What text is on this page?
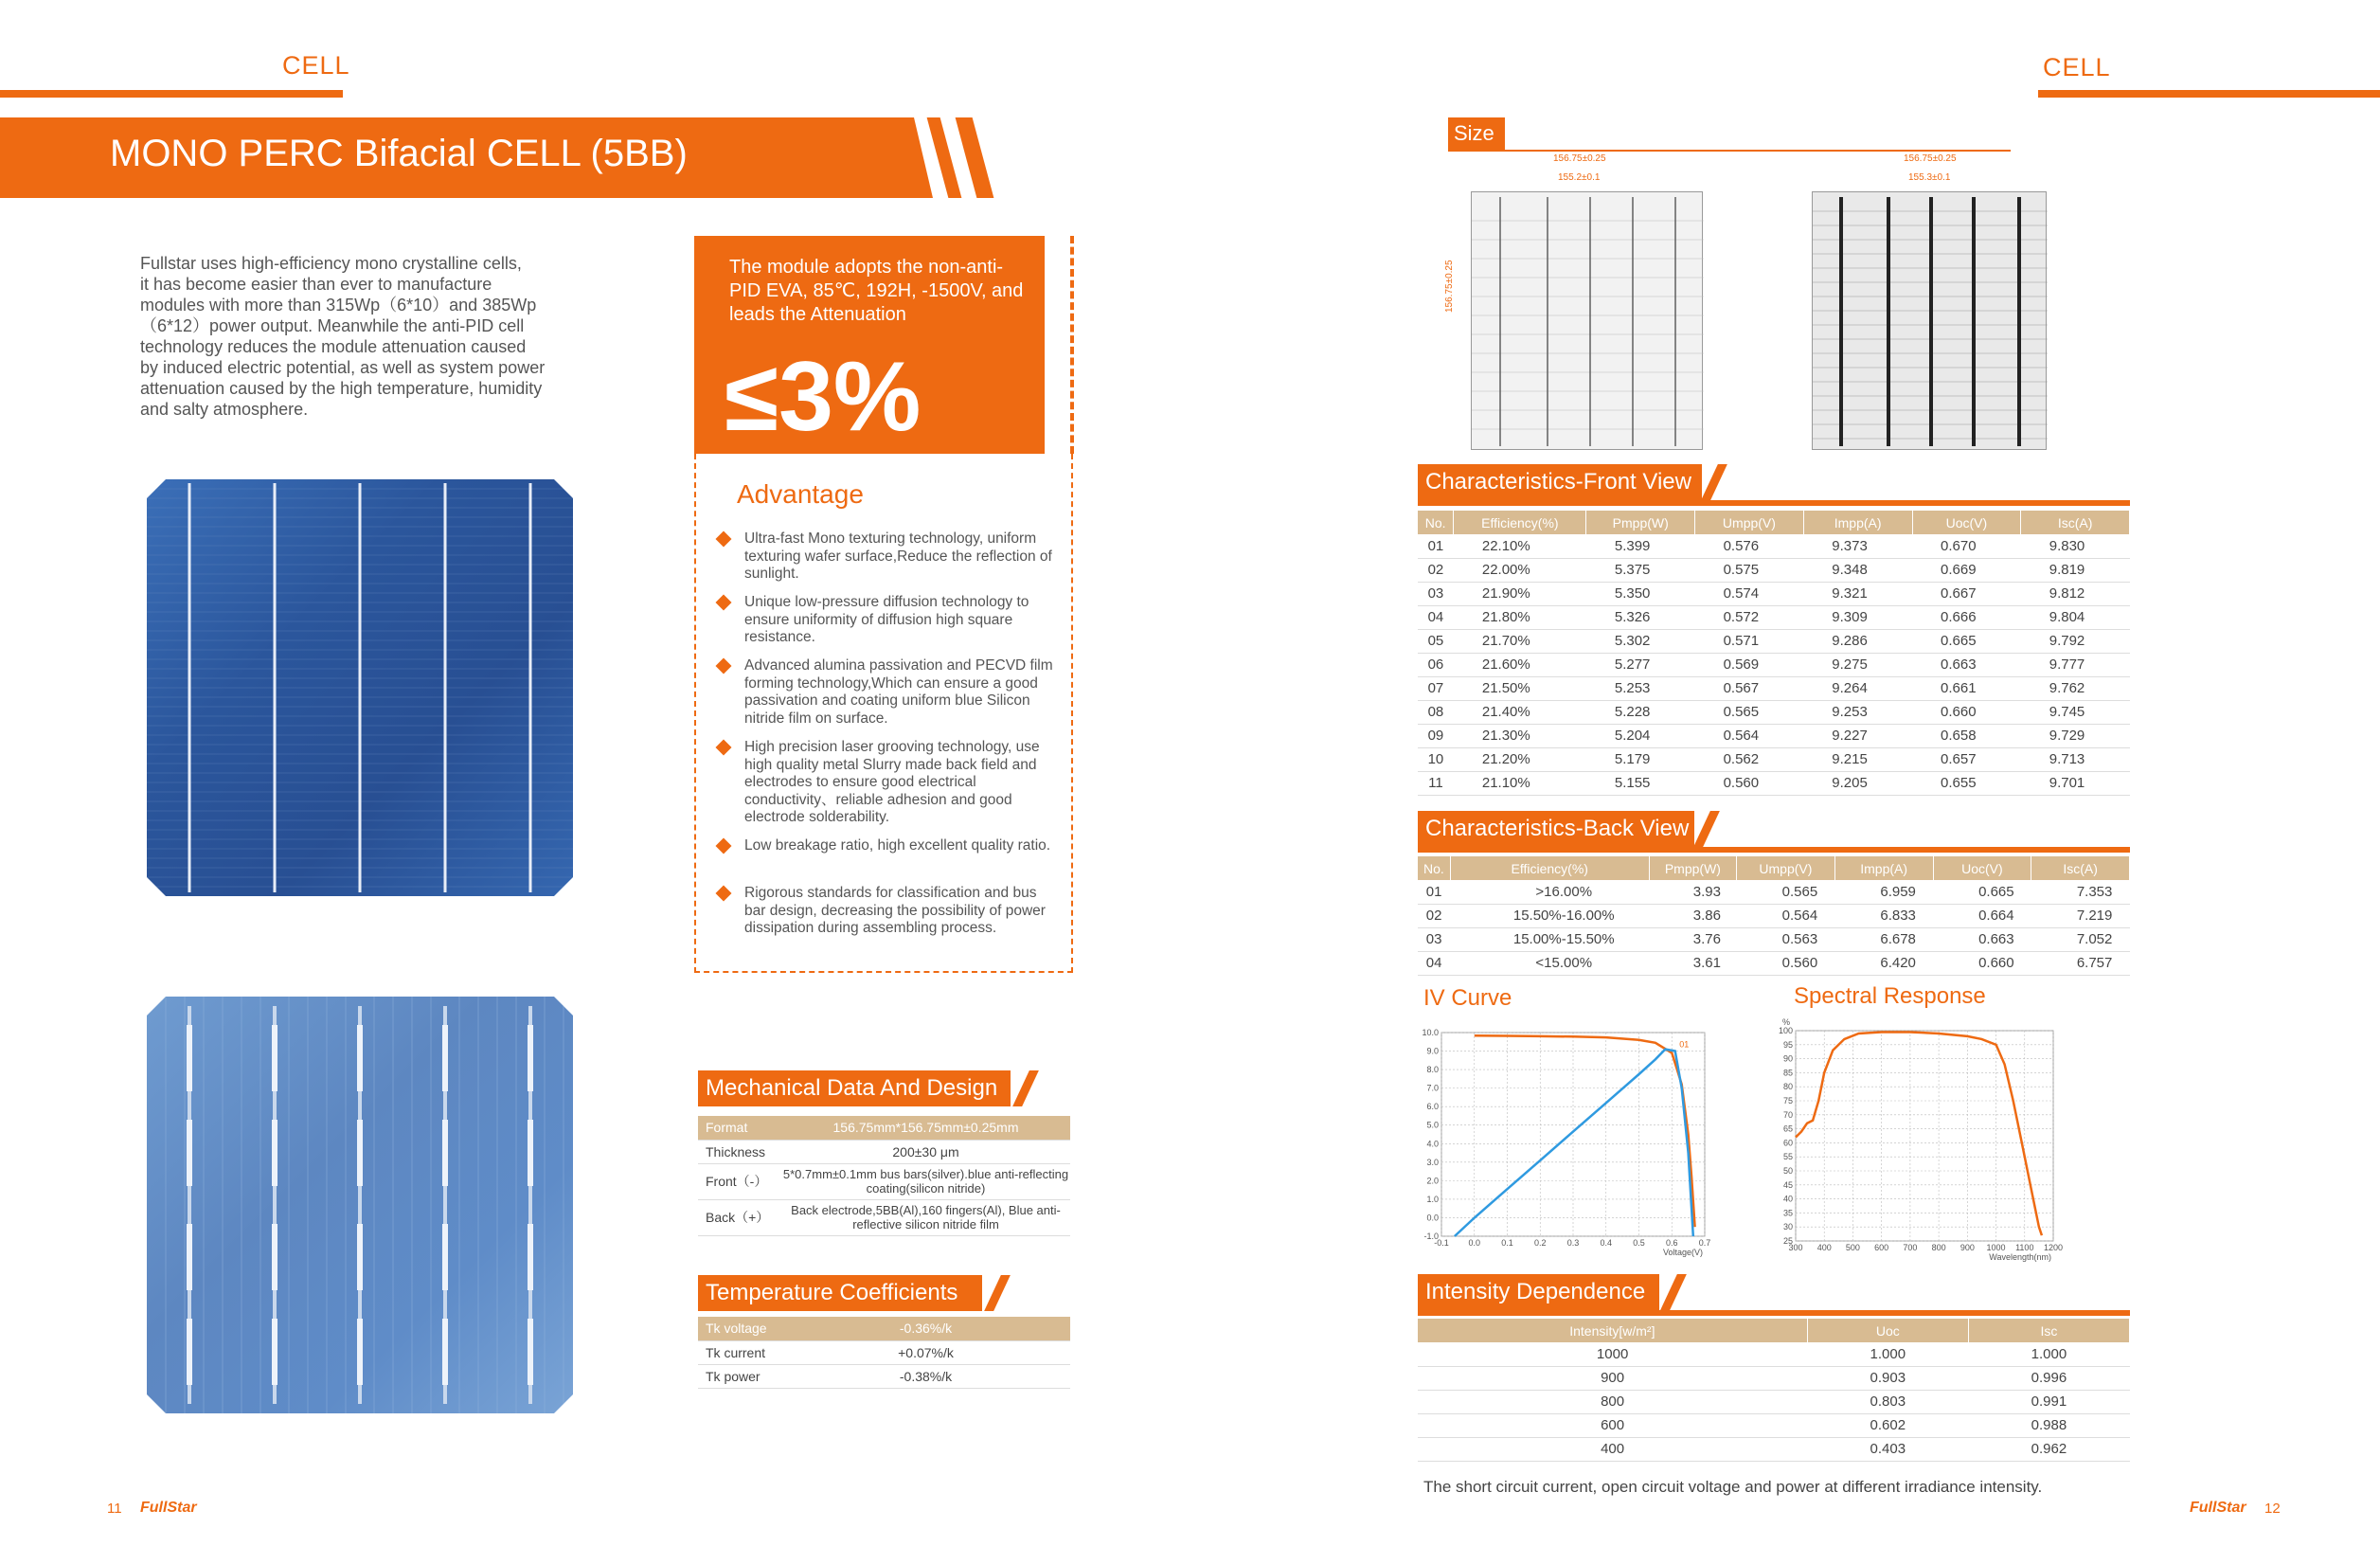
CELL
MONO PERC Bifacial CELL (5BB)
Fullstar uses high-efficiency mono crystalline cells,
it has become easier than ever to manufacture
modules with more than 315Wp（6*10）and 385Wp
（6*12）power output. Meanwhile the anti-PID cell
technology reduces the module attenuation caused
by induced electric potential, as well as system power
attenuation caused by the high temperature, humidity
and salty atmosphere.
The module adopts the non-anti-PID EVA, 85℃, 192H, -1500V, and leads the Attenuation
≤3%
Advantage
Ultra-fast Mono texturing technology, uniform texturing wafer surface,Reduce the reflection of sunlight.
Unique low-pressure diffusion technology to ensure uniformity of diffusion high square resistance.
Advanced alumina passivation and PECVD film forming technology,Which can ensure a good passivation and coating uniform blue Silicon nitride film on surface.
High precision laser grooving technology, use high quality metal Slurry made back field and electrodes to ensure good electrical conductivity、reliable adhesion and good electrode solderability.
Low breakage ratio, high excellent quality ratio.
Rigorous standards for classification and bus bar design, decreasing the possibility of power dissipation during assembling process.
Mechanical Data And Design
Format	156.75mm*156.75mm±0.25mm
Thickness	200±30 μm
Front（-）	5*0.7mm±0.1mm bus bars(silver).blue anti-reflecting coating(silicon nitride)
Back（+）	Back electrode,5BB(Al),160 fingers(Al), Blue anti-reflective silicon nitride film
Temperature Coefficients
Tk voltage	-0.36%/k
Tk current	+0.07%/k
Tk power	-0.38%/k
11 FullStar
CELL
Size
156.75±0.25
155.2±0.1
156.75±0.25
156.75±0.25
155.3±0.1
Characteristics-Front View
No.	Efficiency(%)	Pmpp(W)	Umpp(V)	Impp(A)	Uoc(V)	Isc(A)
01	22.10%	5.399	0.576	9.373	0.670	9.830
02	22.00%	5.375	0.575	9.348	0.669	9.819
03	21.90%	5.350	0.574	9.321	0.667	9.812
04	21.80%	5.326	0.572	9.309	0.666	9.804
05	21.70%	5.302	0.571	9.286	0.665	9.792
06	21.60%	5.277	0.569	9.275	0.663	9.777
07	21.50%	5.253	0.567	9.264	0.661	9.762
08	21.40%	5.228	0.565	9.253	0.660	9.745
09	21.30%	5.204	0.564	9.227	0.658	9.729
10	21.20%	5.179	0.562	9.215	0.657	9.713
11	21.10%	5.155	0.560	9.205	0.655	9.701
Characteristics-Back View
No.	Efficiency(%)	Pmpp(W)	Umpp(V)	Impp(A)	Uoc(V)	Isc(A)
01	>16.00%	3.93	0.565	6.959	0.665	7.353
02	15.50%-16.00%	3.86	0.564	6.833	0.664	7.219
03	15.00%-15.50%	3.76	0.563	6.678	0.663	7.052
04	<15.00%	3.61	0.560	6.420	0.660	6.757
IV Curve
-0.1 0.0 0.1 0.2 0.3 0.4 0.5 0.6 0.7
-1.0
0.0
1.0
2.0
3.0
4.0
5.0
6.0
7.0
8.0
9.0
10.0
Voltage(V)
01
Spectral Response
300 400 500 600 700 800 900 1000 1100 1200
25
30
35
40
45
50
55
60
65
70
75
80
85
90
95
100
Wavelength(nm)
%
Intensity Dependence
Intensity[w/m²]	Uoc	Isc
1000	1.000	1.000
900	0.903	0.996
800	0.803	0.991
600	0.602	0.988
400	0.403	0.962
The short circuit current, open circuit voltage and power at different irradiance intensity.
FullStar 12
